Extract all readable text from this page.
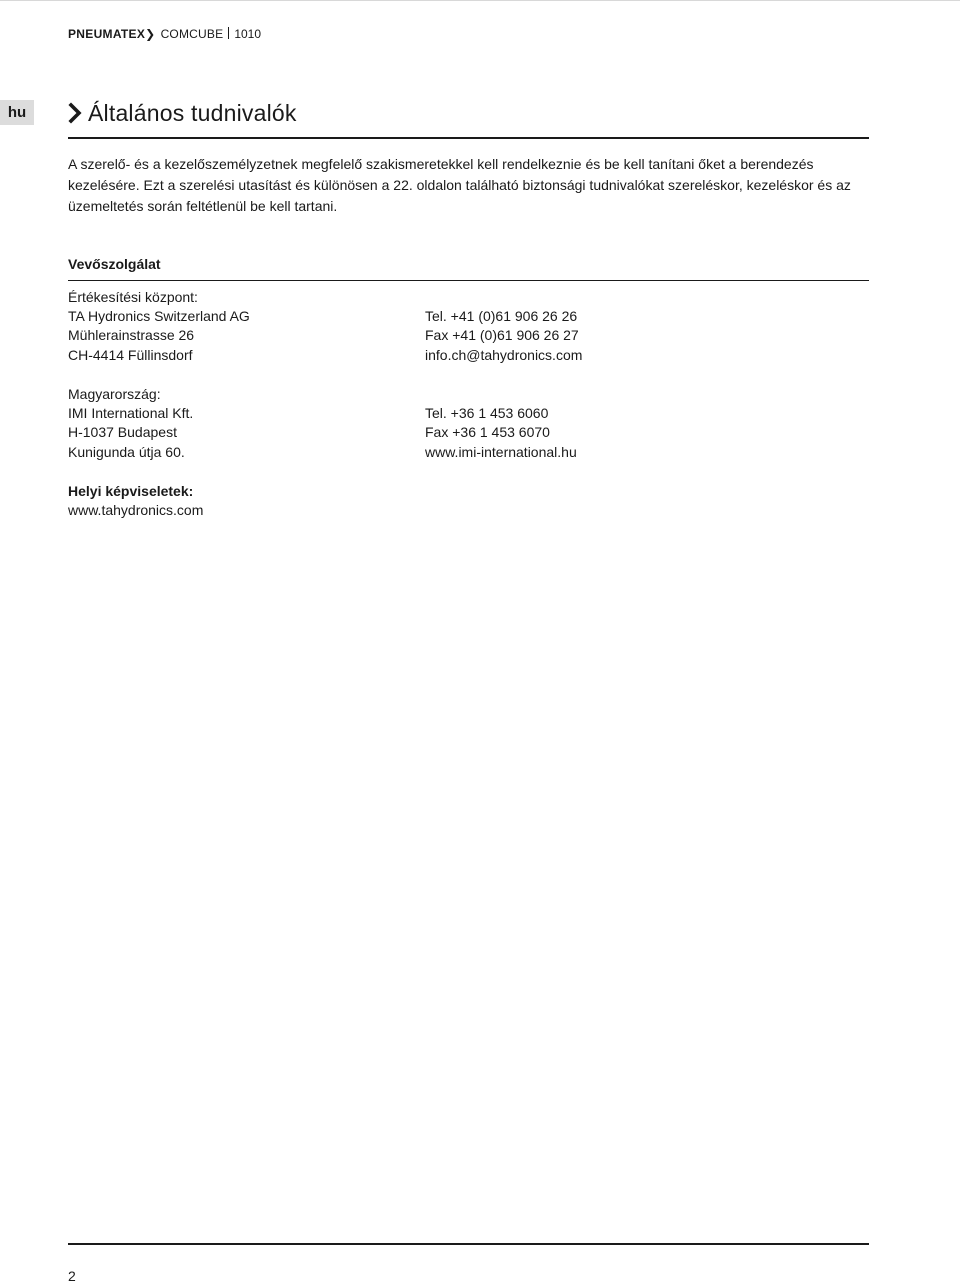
PNEUMATEX❯ COMCUBE 1010
hu	Általános tudnivalók

A szerelő- és a kezelőszemélyzetnek megfelelő szakismeretekkel kell rendelkeznie és be kell tanítani őket a berendezés kezelésére. Ezt a szerelési utasítást és különösen a 22. oldalon található biztonsági tudnivalókat szereléskor, kezeléskor és az üzemeltetés során feltétlenül be kell tartani.

Vevőszolgálat
Értékesítési központ:
TA Hydronics Switzerland AG
Mühlerainstrasse 26
CH-4414 Füllinsdorf
Tel. +41 (0)61 906 26 26
Fax +41 (0)61 906 26 27
info.ch@tahydronics.com
Magyarország:
IMI International Kft.
H-1037 Budapest
Kunigunda útja 60.
Tel. +36 1 453 6060
Fax +36 1 453 6070
www.imi-international.hu
Helyi képviseletek:
www.tahydronics.com
2
